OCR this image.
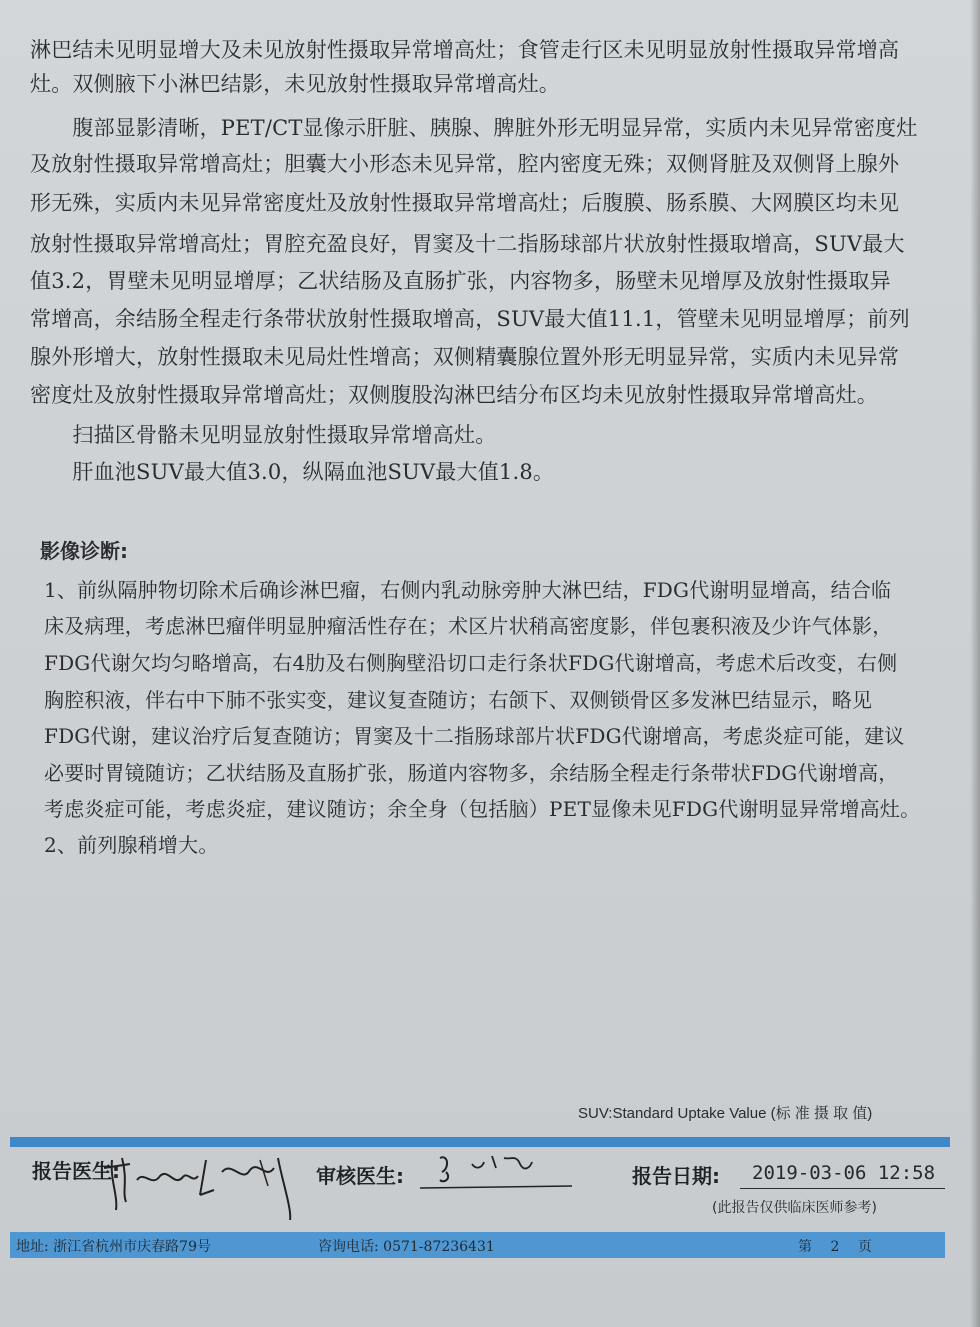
淋巴结未见明显增大及未见放射性摄取异常增高灶；食管走行区未见明显放射性摄取异常增高
灶。双侧腋下小淋巴结影，未见放射性摄取异常增高灶。
　　腹部显影清晰，PET/CT显像示肝脏、胰腺、脾脏外形无明显异常，实质内未见异常密度灶
及放射性摄取异常增高灶；胆囊大小形态未见异常，腔内密度无殊；双侧肾脏及双侧肾上腺外
形无殊，实质内未见异常密度灶及放射性摄取异常增高灶；后腹膜、肠系膜、大网膜区均未见
放射性摄取异常增高灶；胃腔充盈良好，胃窦及十二指肠球部片状放射性摄取增高，SUV最大
值3.2，胃壁未见明显增厚；乙状结肠及直肠扩张，内容物多，肠壁未见增厚及放射性摄取异
常增高，余结肠全程走行条带状放射性摄取增高，SUV最大值11.1，管壁未见明显增厚；前列
腺外形增大，放射性摄取未见局灶性增高；双侧精囊腺位置外形无明显异常，实质内未见异常
密度灶及放射性摄取异常增高灶；双侧腹股沟淋巴结分布区均未见放射性摄取异常增高灶。
　　扫描区骨骼未见明显放射性摄取异常增高灶。
　　肝血池SUV最大值3.0，纵隔血池SUV最大值1.8。
影像诊断:
1、前纵隔肿物切除术后确诊淋巴瘤，右侧内乳动脉旁肿大淋巴结，FDG代谢明显增高，结合临
床及病理，考虑淋巴瘤伴明显肿瘤活性存在；术区片状稍高密度影，伴包裹积液及少许气体影，
FDG代谢欠均匀略增高，右4肋及右侧胸壁沿切口走行条状FDG代谢增高，考虑术后改变，右侧
胸腔积液，伴右中下肺不张实变，建议复查随访；右颌下、双侧锁骨区多发淋巴结显示，略见
FDG代谢，建议治疗后复查随访；胃窦及十二指肠球部片状FDG代谢增高，考虑炎症可能，建议
必要时胃镜随访；乙状结肠及直肠扩张，肠道内容物多，余结肠全程走行条带状FDG代谢增高，
考虑炎症可能，考虑炎症，建议随访；余全身（包括脑）PET显像未见FDG代谢明显异常增高灶。
2、前列腺稍增大。
SUV:Standard Uptake Value (标 准 摄 取 值)
报告医生:	审核医生:	报告日期: 2019-03-06 12:58
(此报告仅供临床医师参考)
地址: 浙江省杭州市庆春路79号	咨询电话: 0571-87236431	第 2 页
